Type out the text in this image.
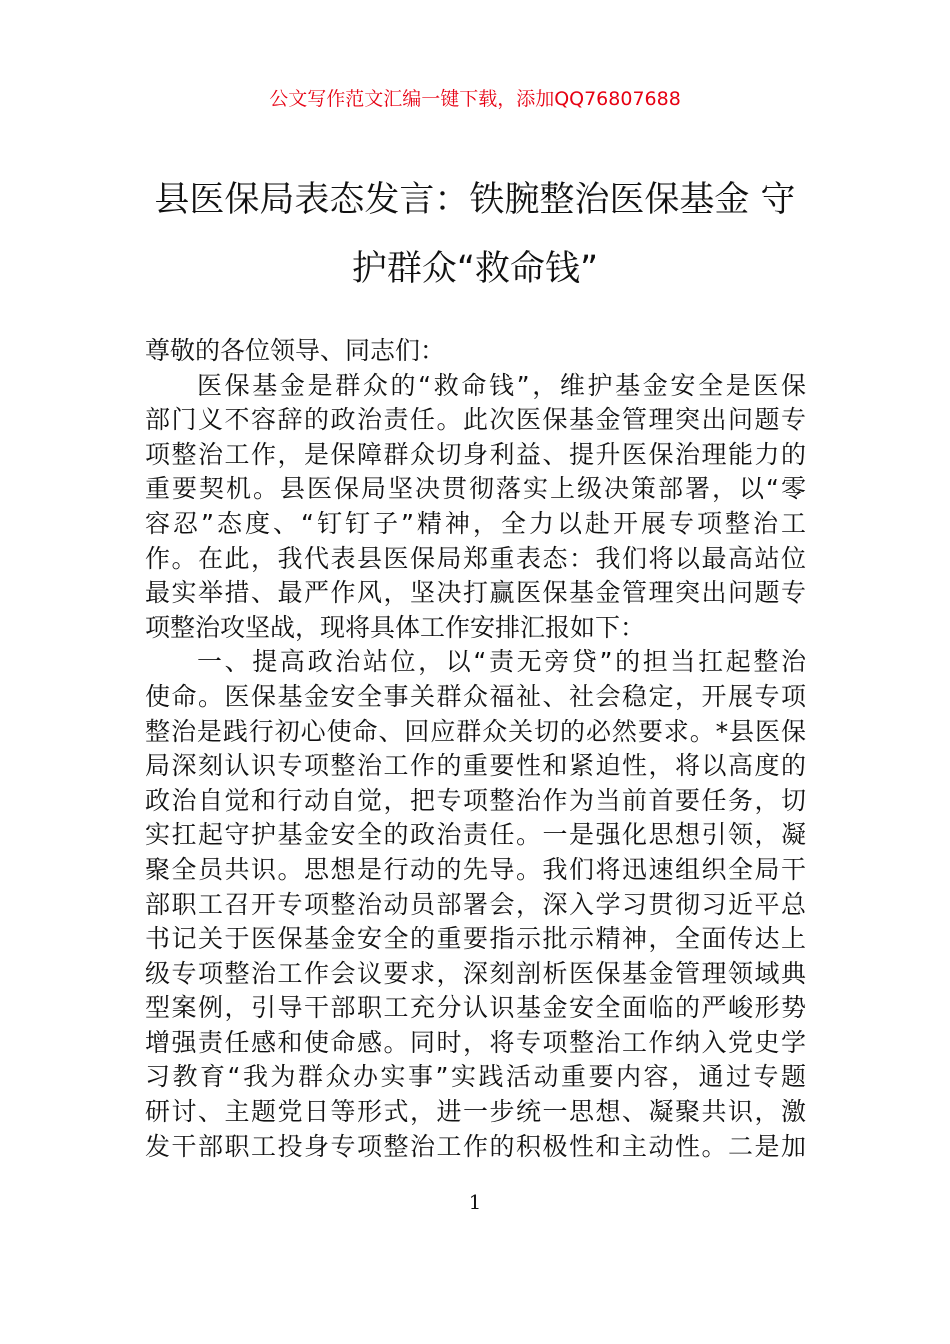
公文写作范文汇编一键下载，添加QQ76807688
县医保局表态发言：铁腕整治医保基金 守
护群众“救命钱”
尊敬的各位领导、同志们：
医保基金是群众的“救命钱”，维护基金安全是医保
部门义不容辞的政治责任。此次医保基金管理突出问题专
项整治工作，是保障群众切身利益、提升医保治理能力的
重要契机。县医保局坚决贯彻落实上级决策部署，以“零
容忍”态度、“钉钉子”精神，全力以赴开展专项整治工
作。在此，我代表县医保局郑重表态：我们将以最高站位
最实举措、最严作风，坚决打赢医保基金管理突出问题专
项整治攻坚战，现将具体工作安排汇报如下：
一、提高政治站位，以“责无旁贷”的担当扛起整治
使命。医保基金安全事关群众福祉、社会稳定，开展专项
整治是践行初心使命、回应群众关切的必然要求。*县医保
局深刻认识专项整治工作的重要性和紧迫性，将以高度的
政治自觉和行动自觉，把专项整治作为当前首要任务，切
实扛起守护基金安全的政治责任。一是强化思想引领，凝
聚全员共识。思想是行动的先导。我们将迅速组织全局干
部职工召开专项整治动员部署会，深入学习贯彻习近平总
书记关于医保基金安全的重要指示批示精神，全面传达上
级专项整治工作会议要求，深刻剖析医保基金管理领域典
型案例，引导干部职工充分认识基金安全面临的严峻形势
增强责任感和使命感。同时，将专项整治工作纳入党史学
习教育“我为群众办实事”实践活动重要内容，通过专题
研讨、主题党日等形式，进一步统一思想、凝聚共识，激
发干部职工投身专项整治工作的积极性和主动性。二是加
1
